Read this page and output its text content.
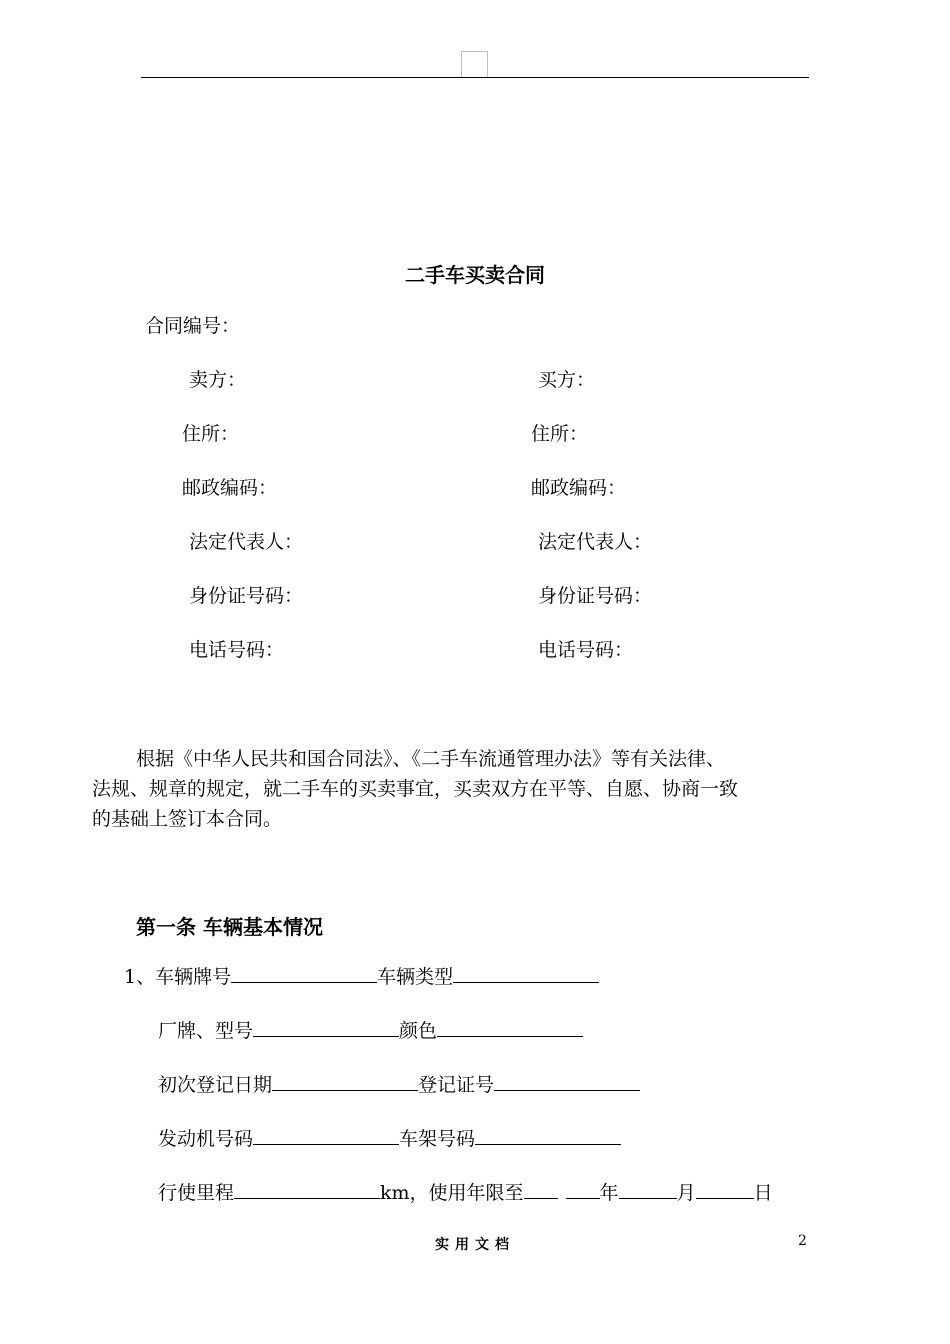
二手车买卖合同
合同编号：
卖方：	买方：
住所：	住所：
邮政编码：	邮政编码：
法定代表人：	法定代表人：
身份证号码：	身份证号码：
电话号码：	电话号码：

根据《中华人民共和国合同法》、《二手车流通管理办法》等有关法律、

法规、规章的规定，就二手车的买卖事宜，买卖双方在平等、自愿、协商一致

的基础上签订本合同。

第一条 车辆基本情况
1、车辆牌号	车辆类型
厂牌、型号	颜色
初次登记日期	登记证号
发动机号码	车架号码
行使里程	km，使用年限至	年	月	日
实用文档	2
